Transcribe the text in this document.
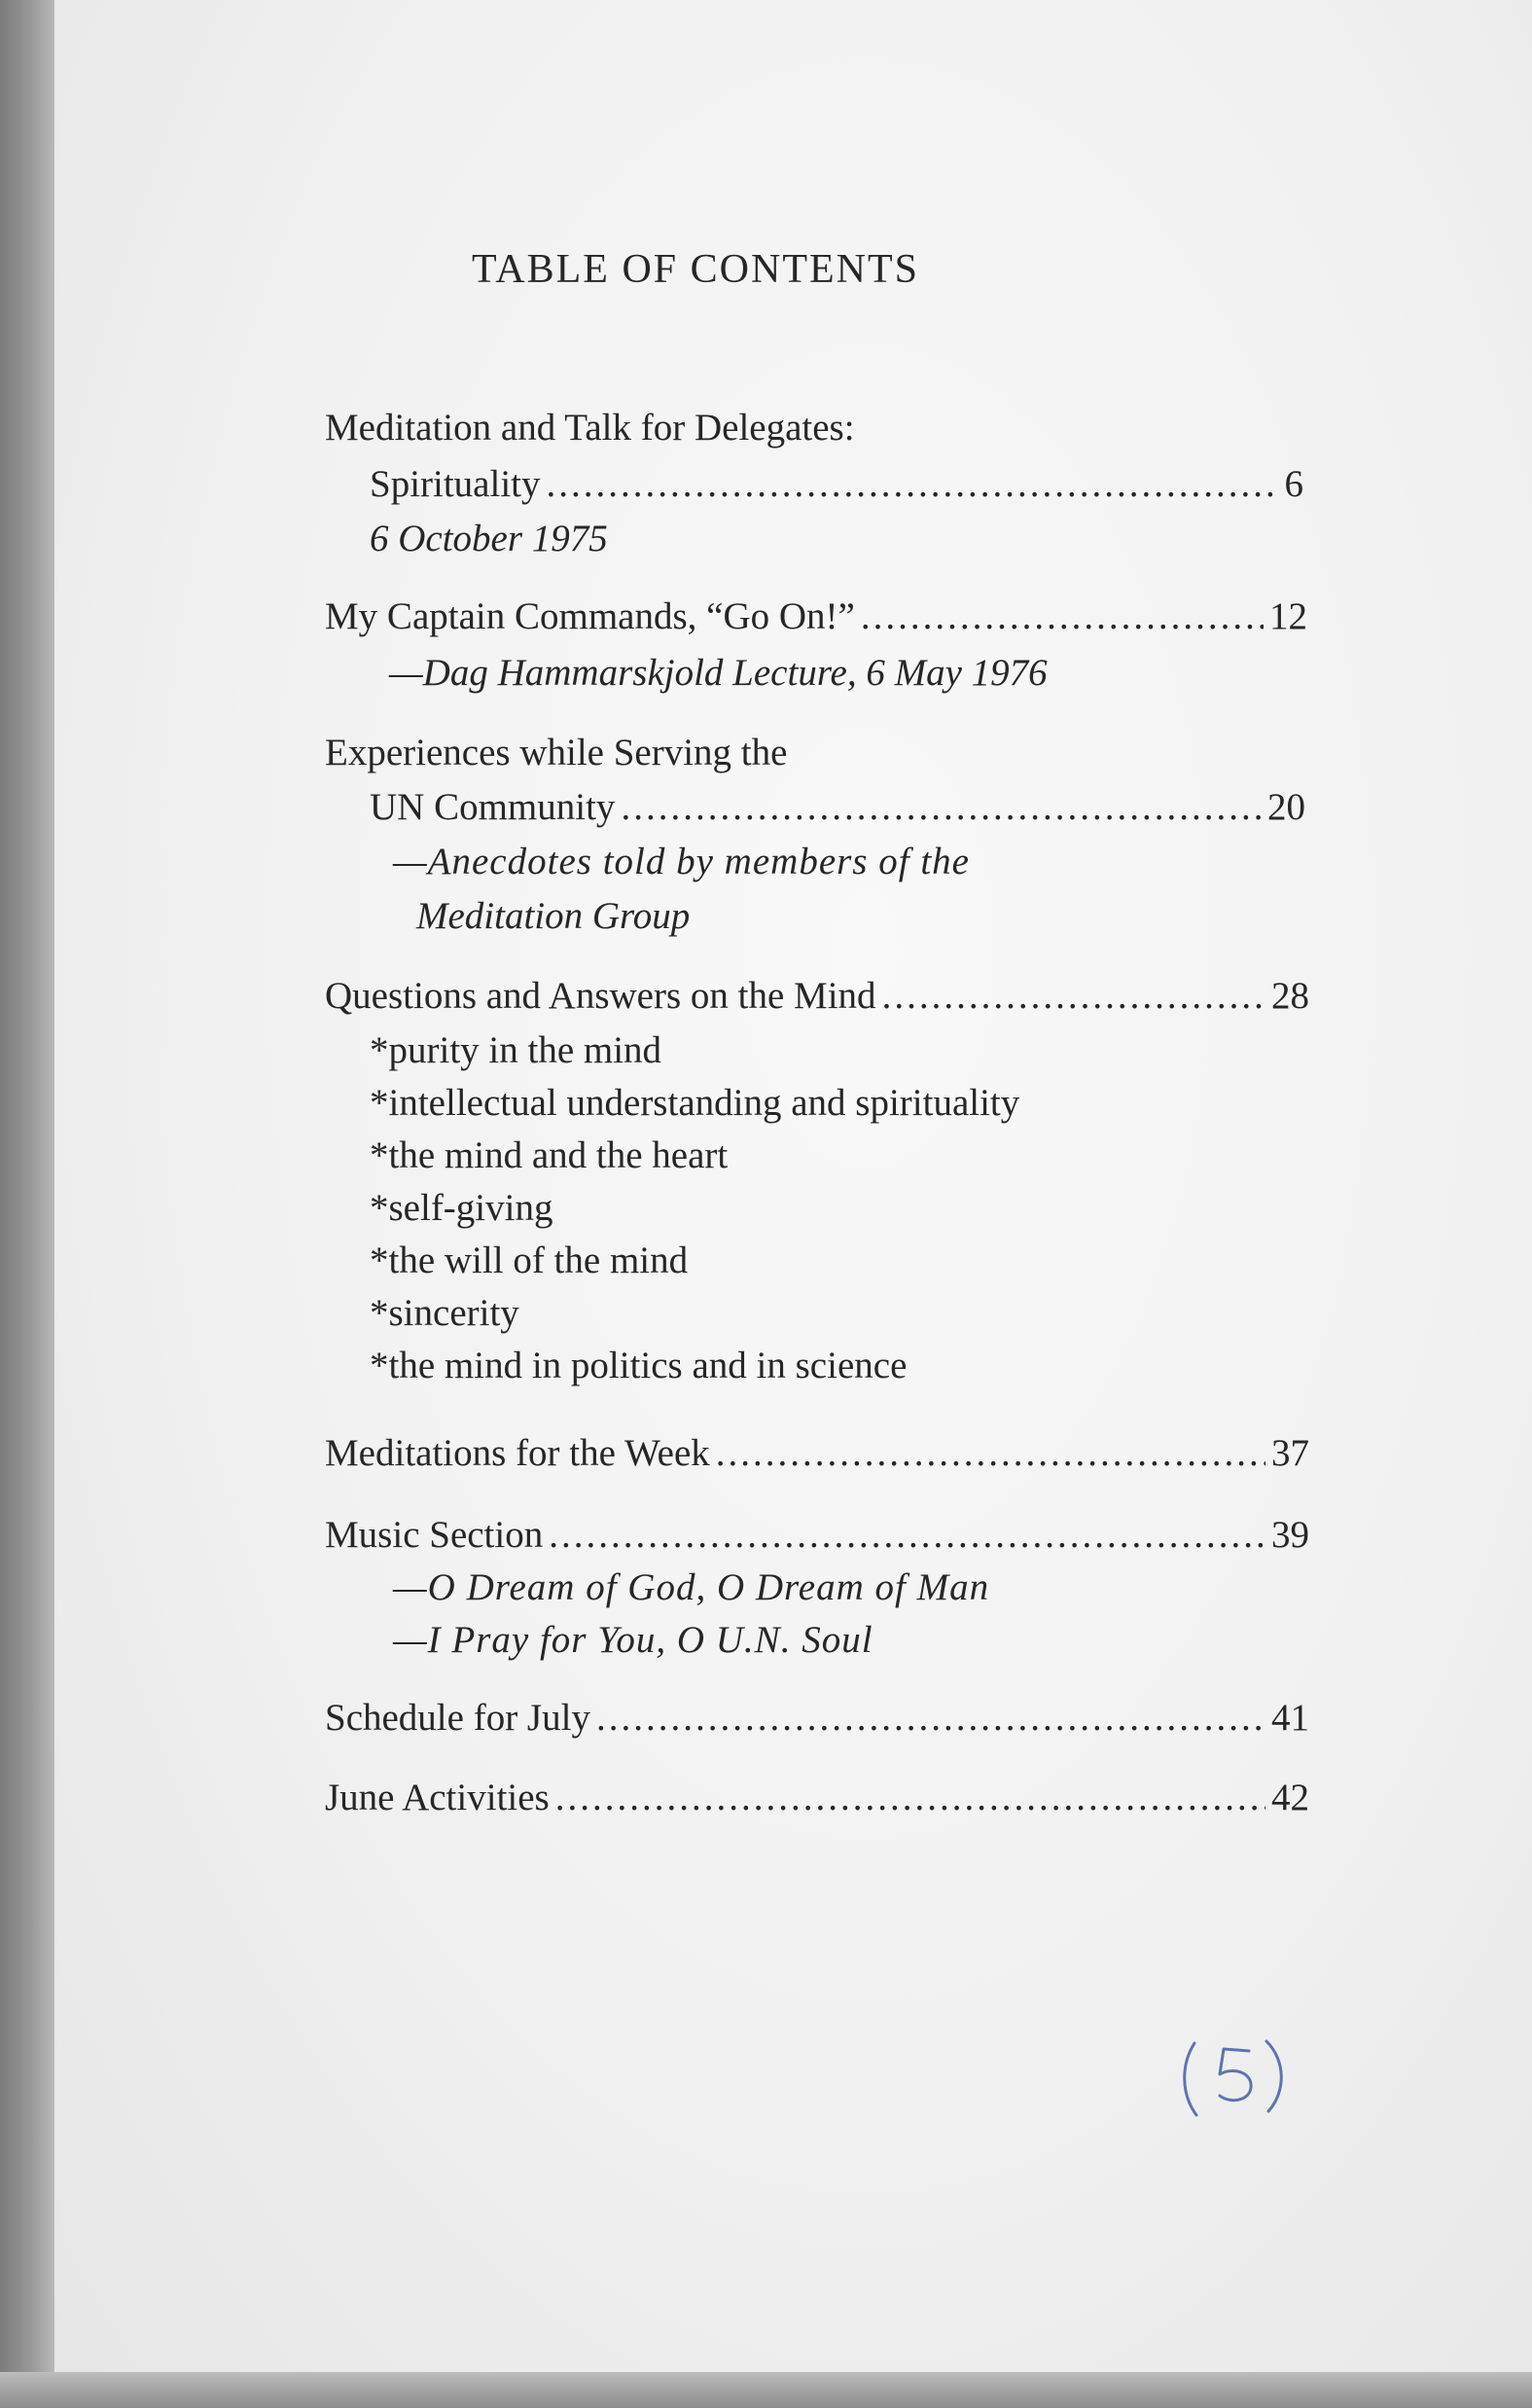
TABLE OF CONTENTS
Meditation and Talk for Delegates:
Spirituality .....	6
6 October 1975
My Captain Commands, “Go On!” .....	12
—Dag Hammarskjold Lecture, 6 May 1976
Experiences while Serving the
UN Community .....	20
—Anecdotes told by members of the
Meditation Group
Questions and Answers on the Mind .....	28
*purity in the mind
*intellectual understanding and spirituality
*the mind and the heart
*self-giving
*the will of the mind
*sincerity
*the mind in politics and in science
Meditations for the Week .....	37
Music Section .....	39
—O Dream of God, O Dream of Man
—I Pray for You, O U.N. Soul
Schedule for July .....	41
June Activities .....	42
